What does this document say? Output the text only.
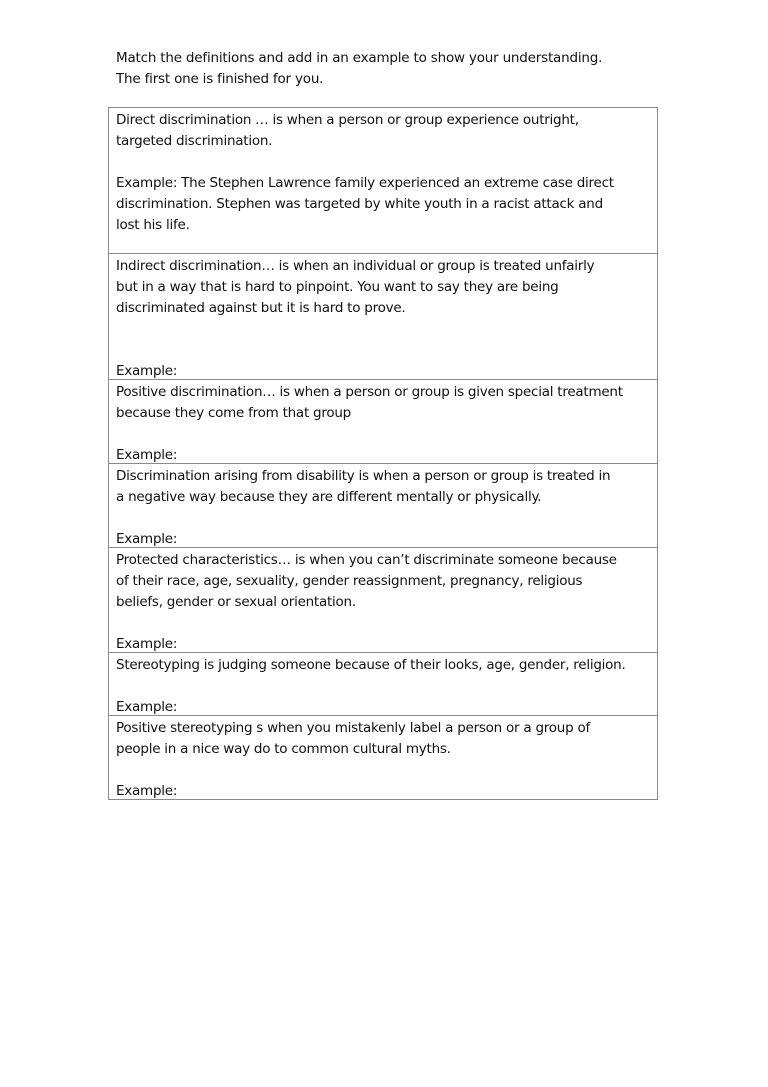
Match the definitions and add in an example to show your understanding.

The first one is finished for you.

Direct discrimination … is when a person or group experience outright,
targeted discrimination.

Example: The Stephen Lawrence family experienced an extreme case direct
discrimination. Stephen was targeted by white youth in a racist attack and
lost his life.

Indirect discrimination… is when an individual or group is treated unfairly
but in a way that is hard to pinpoint. You want to say they are being
discriminated against but it is hard to prove.

Example:

Positive discrimination… is when a person or group is given special treatment
because they come from that group

Example:

Discrimination arising from disability is when a person or group is treated in
a negative way because they are different mentally or physically.

Example:

Protected characteristics… is when you can’t discriminate someone because
of their race, age, sexuality, gender reassignment, pregnancy, religious
beliefs, gender or sexual orientation.

Example:

Stereotyping is judging someone because of their looks, age, gender, religion.

Example:

Positive stereotyping s when you mistakenly label a person or a group of
people in a nice way do to common cultural myths.

Example:
